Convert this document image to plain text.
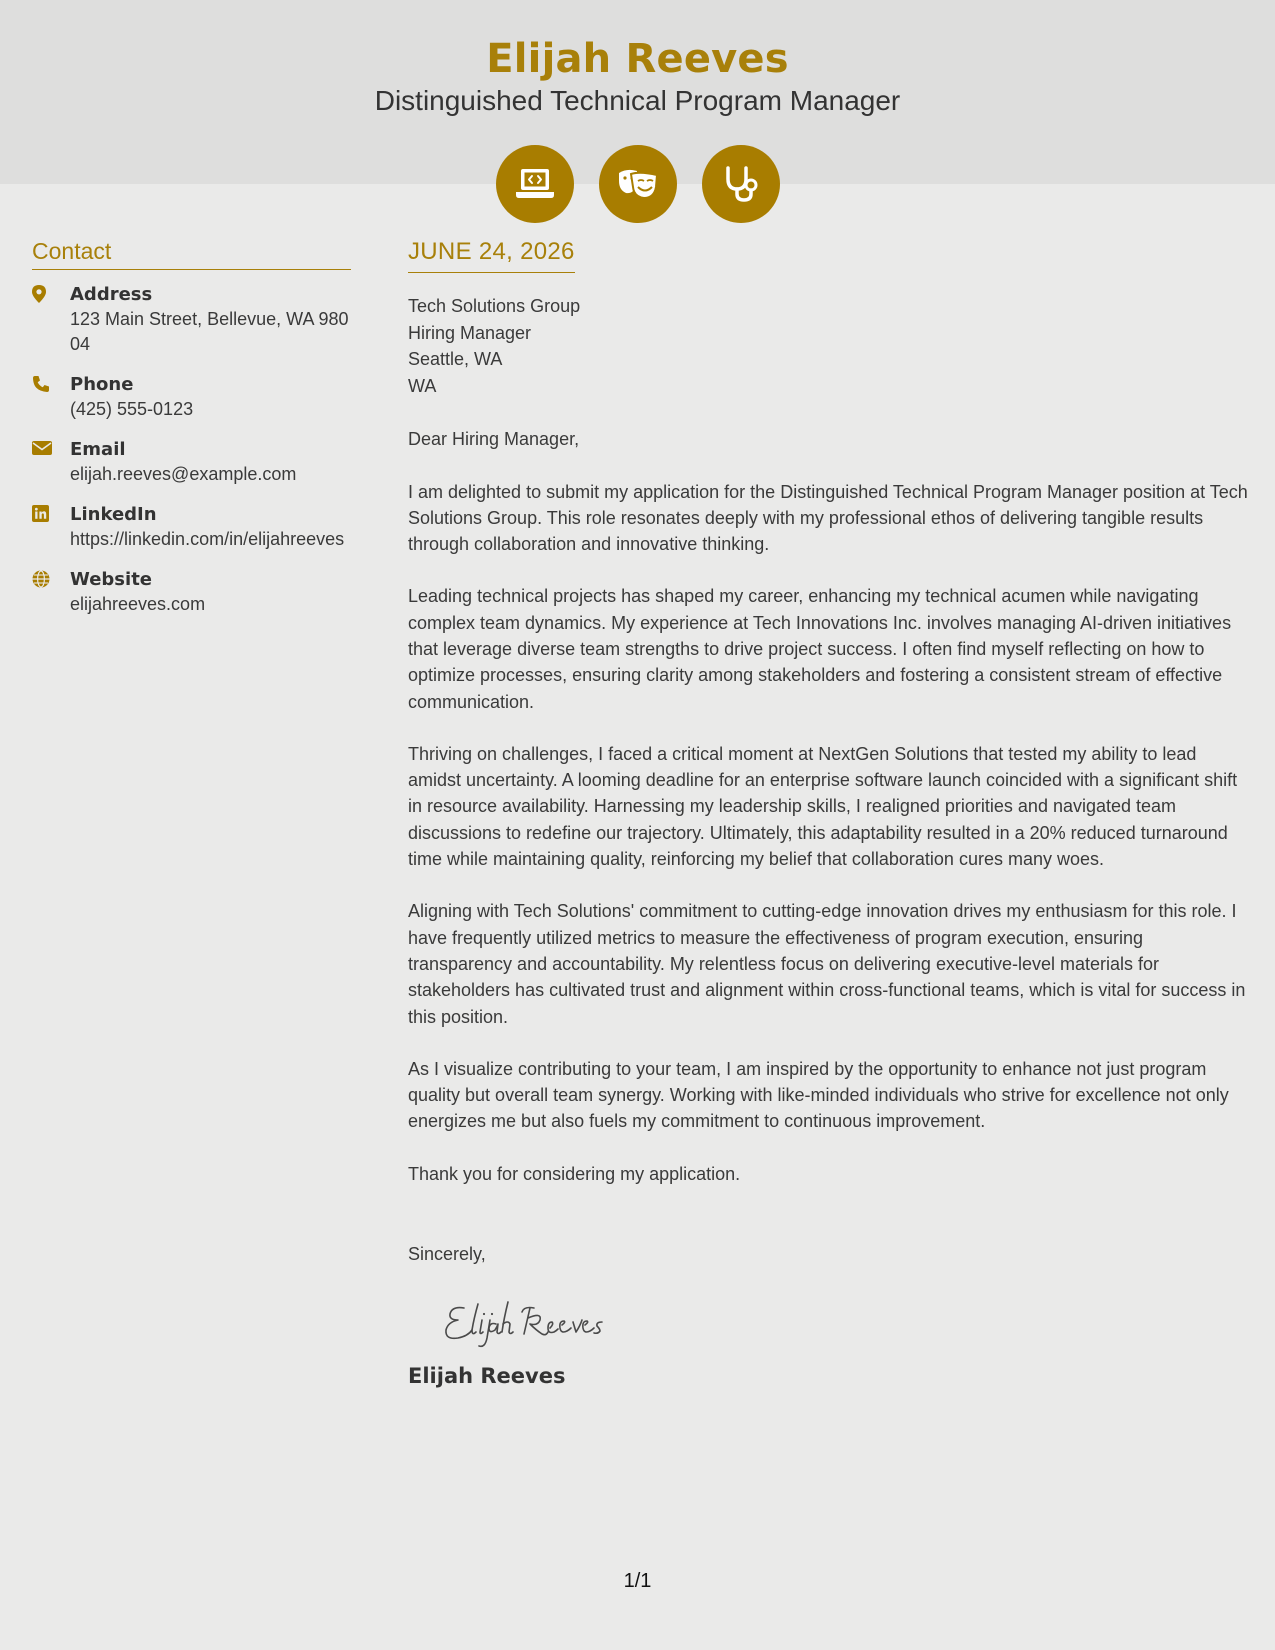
Elijah Reeves
Distinguished Technical Program Manager
Contact
Address
123 Main Street, Bellevue, WA 98004
Phone
(425) 555-0123
Email
elijah.reeves@example.com
LinkedIn
https://linkedin.com/in/elijahreeves
Website
elijahreeves.com
JUNE 24, 2026
Tech Solutions Group
Hiring Manager
Seattle, WA
WA
Dear Hiring Manager,
I am delighted to submit my application for the Distinguished Technical Program Manager position at Tech Solutions Group. This role resonates deeply with my professional ethos of delivering tangible results through collaboration and innovative thinking.
Leading technical projects has shaped my career, enhancing my technical acumen while navigating complex team dynamics. My experience at Tech Innovations Inc. involves managing AI-driven initiatives that leverage diverse team strengths to drive project success. I often find myself reflecting on how to optimize processes, ensuring clarity among stakeholders and fostering a consistent stream of effective communication.
Thriving on challenges, I faced a critical moment at NextGen Solutions that tested my ability to lead amidst uncertainty. A looming deadline for an enterprise software launch coincided with a significant shift in resource availability. Harnessing my leadership skills, I realigned priorities and navigated team discussions to redefine our trajectory. Ultimately, this adaptability resulted in a 20% reduced turnaround time while maintaining quality, reinforcing my belief that collaboration cures many woes.
Aligning with Tech Solutions' commitment to cutting-edge innovation drives my enthusiasm for this role. I have frequently utilized metrics to measure the effectiveness of program execution, ensuring transparency and accountability. My relentless focus on delivering executive-level materials for stakeholders has cultivated trust and alignment within cross-functional teams, which is vital for success in this position.
As I visualize contributing to your team, I am inspired by the opportunity to enhance not just program quality but overall team synergy. Working with like-minded individuals who strive for excellence not only energizes me but also fuels my commitment to continuous improvement.
Thank you for considering my application.
Sincerely,
Elijah Reeves
1/1
